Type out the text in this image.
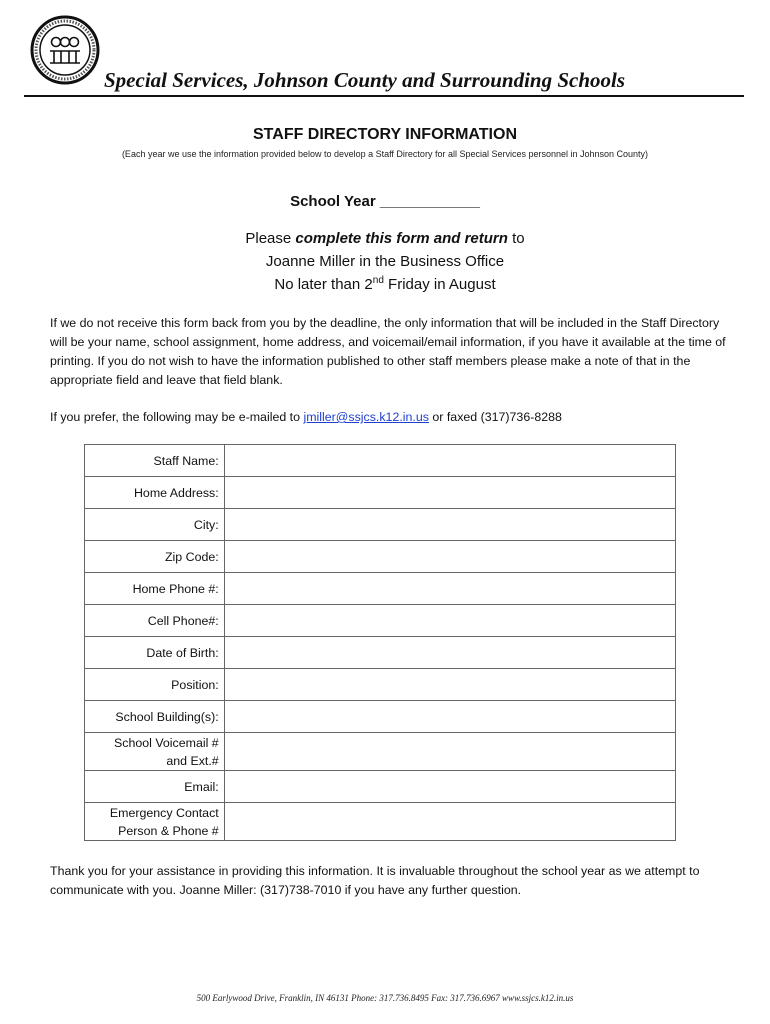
Special Services, Johnson County and Surrounding Schools
STAFF DIRECTORY INFORMATION
(Each year we use the information provided below to develop a Staff Directory for all Special Services personnel in Johnson County)
School Year ____________
Please complete this form and return to
Joanne Miller in the Business Office
No later than 2nd Friday in August
If we do not receive this form back from you by the deadline, the only information that will be included in the Staff Directory will be your name, school assignment, home address, and voicemail/email information, if you have it available at the time of printing. If you do not wish to have the information published to other staff members please make a note of that in the appropriate field and leave that field blank.
If you prefer, the following may be e-mailed to jmiller@ssjcs.k12.in.us or faxed (317)736-8288
Staff Name:	
Home Address:	
City:	
Zip Code:	
Home Phone #:	
Cell Phone#:	
Date of Birth:	
Position:	
School Building(s):	
School Voicemail # and Ext.#	
Email:	
Emergency Contact Person & Phone #	
Thank you for your assistance in providing this information. It is invaluable throughout the school year as we attempt to communicate with you. Joanne Miller: (317)738-7010 if you have any further question.
500 Earlywood Drive, Franklin, IN 46131 Phone: 317.736.8495 Fax: 317.736.6967 www.ssjcs.k12.in.us
